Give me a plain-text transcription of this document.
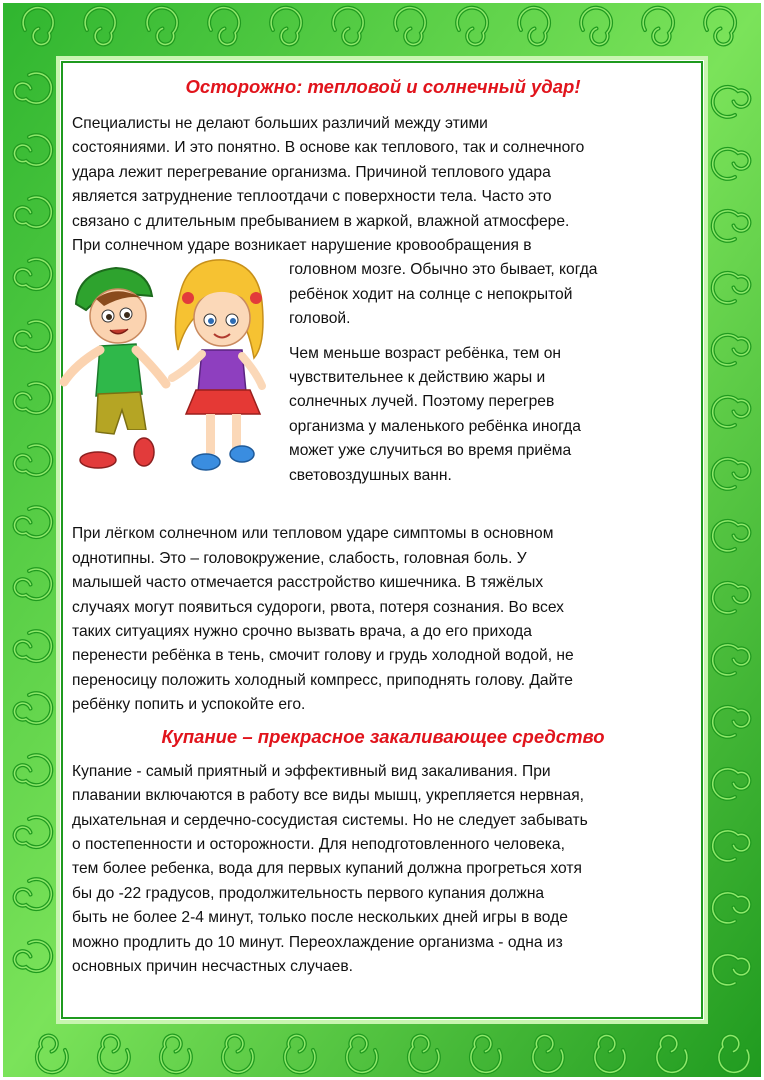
Осторожно: тепловой и солнечный удар!

Специалисты не делают больших различий между этими

состояниями. И это понятно. В основе как теплового, так и солнечного

удара лежит перегревание организма. Причиной теплового удара

является затруднение теплоотдачи с поверхности тела. Часто это

связано с длительным пребыванием в жаркой, влажной атмосфере.

При солнечном ударе возникает нарушение кровообращения в

головном мозге. Обычно это бывает, когда

ребёнок ходит на солнце с непокрытой

головой.

Чем меньше возраст ребёнка, тем он

чувствительнее к действию жары и

солнечных лучей. Поэтому перегрев

организма у маленького ребёнка иногда

может уже случиться во время приёма

световоздушных ванн.

При лёгком солнечном или тепловом ударе симптомы в основном

однотипны. Это – головокружение, слабость, головная боль. У

малышей часто отмечается расстройство кишечника. В тяжёлых

случаях могут появиться судороги, рвота, потеря сознания. Во всех

таких ситуациях нужно срочно вызвать врача, а до его прихода

перенести ребёнка в тень, смочит голову и грудь холодной водой, не

переносицу положить холодный компресс, приподнять голову. Дайте

ребёнку попить и успокойте его.

Купание – прекрасное закаливающее средство

Купание - самый приятный и эффективный вид закаливания. При

плавании включаются в работу все виды мышц, укрепляется нервная,

дыхательная и сердечно-сосудистая системы. Но не следует забывать

о постепенности и осторожности. Для неподготовленного человека,

тем более ребенка, вода для первых купаний должна прогреться хотя

бы до -22 градусов, продолжительность первого купания должна

быть не более 2-4 минут, только после нескольких дней игры в воде

можно продлить до 10 минут. Переохлаждение организма - одна из

основных причин несчастных случаев.
